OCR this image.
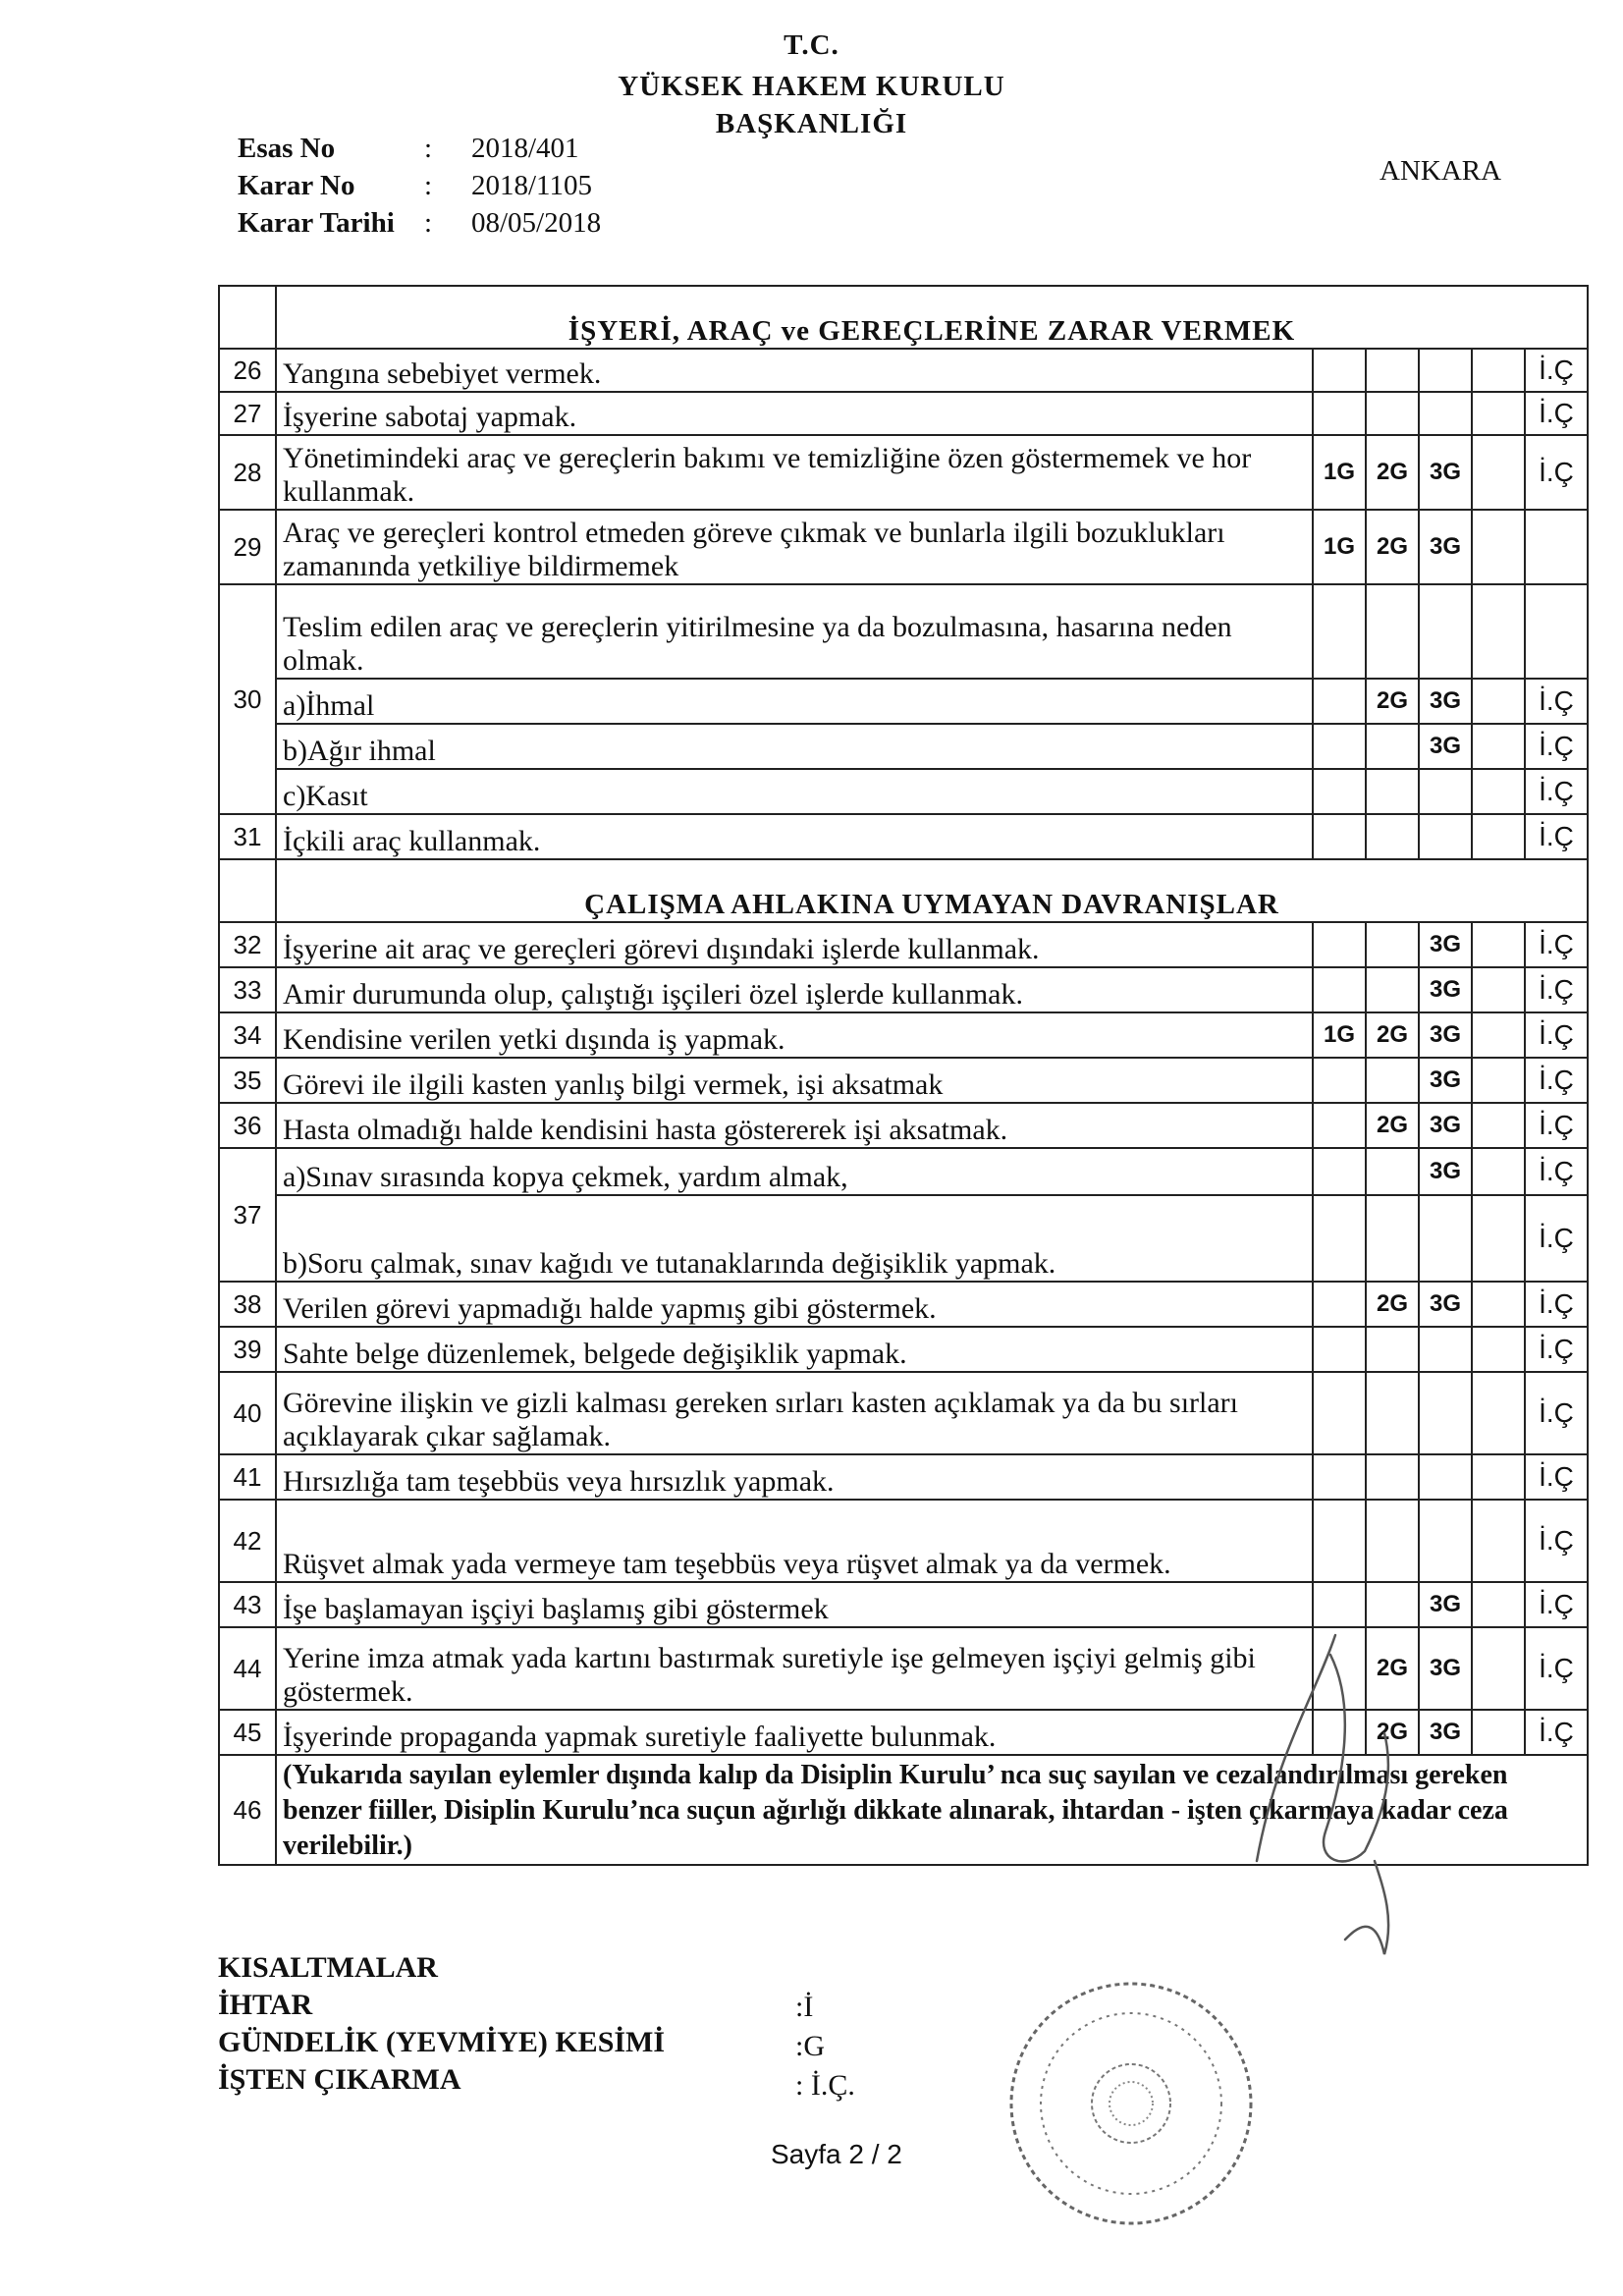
T.C.
YÜKSEK HAKEM KURULU
BAŞKANLIĞI
Esas No	:	2018/401
Karar No	:	2018/1105
Karar Tarihi	:	08/05/2018
ANKARA
	İŞYERİ, ARAÇ ve GEREÇLERİNE ZARAR VERMEK					
26	Yangına sebebiyet vermek.					İ.Ç
27	İşyerine sabotaj yapmak.					İ.Ç
28	Yönetimindeki araç ve gereçlerin bakımı ve temizliğine özen göstermemek ve hor kullanmak.	1G	2G	3G		İ.Ç
29	Araç ve gereçleri kontrol etmeden göreve çıkmak ve bunlarla ilgili bozuklukları zamanında yetkiliye bildirmemek	1G	2G	3G		
30	Teslim edilen araç ve gereçlerin yitirilmesine ya da bozulmasına, hasarına neden olmak.					
	a)İhmal		2G	3G		İ.Ç
	b)Ağır ihmal			3G		İ.Ç
	c)Kasıt					İ.Ç
31	İçkili araç kullanmak.					İ.Ç
	ÇALIŞMA AHLAKINA UYMAYAN DAVRANIŞLAR					
32	İşyerine ait araç ve gereçleri görevi dışındaki işlerde kullanmak.			3G		İ.Ç
33	Amir durumunda olup, çalıştığı işçileri özel işlerde kullanmak.			3G		İ.Ç
34	Kendisine verilen yetki dışında iş yapmak.	1G	2G	3G		İ.Ç
35	Görevi ile ilgili kasten yanlış bilgi vermek, işi aksatmak			3G		İ.Ç
36	Hasta olmadığı halde kendisini hasta göstererek işi aksatmak.		2G	3G		İ.Ç
37	a)Sınav sırasında kopya çekmek, yardım almak,			3G		İ.Ç
	b)Soru çalmak, sınav kağıdı ve tutanaklarında değişiklik yapmak.					İ.Ç
38	Verilen görevi yapmadığı halde yapmış gibi göstermek.		2G	3G		İ.Ç
39	Sahte belge düzenlemek, belgede değişiklik yapmak.					İ.Ç
40	Görevine ilişkin ve gizli kalması gereken sırları kasten açıklamak ya da bu sırları açıklayarak çıkar sağlamak.					İ.Ç
41	Hırsızlığa tam teşebbüs veya hırsızlık yapmak.					İ.Ç
42	Rüşvet almak yada vermeye tam teşebbüs veya rüşvet almak ya da vermek.					İ.Ç
43	İşe başlamayan işçiyi başlamış gibi göstermek			3G		İ.Ç
44	Yerine imza atmak yada kartını bastırmak suretiyle işe gelmeyen işçiyi gelmiş gibi göstermek.		2G	3G		İ.Ç
45	İşyerinde propaganda yapmak suretiyle faaliyette bulunmak.		2G	3G		İ.Ç
46	(Yukarıda sayılan eylemler dışında kalıp da Disiplin Kurulu’ nca suç sayılan ve cezalandırılması gereken benzer fiiller, Disiplin Kurulu’nca suçun ağırlığı dikkate alınarak, ihtardan - işten çıkarmaya kadar ceza verilebilir.)					
KISALTMALAR
İHTAR
GÜNDELİK (YEVMİYE) KESİMİ
İŞTEN ÇIKARMA
:İ
:G
: İ.Ç.
Sayfa 2 / 2
